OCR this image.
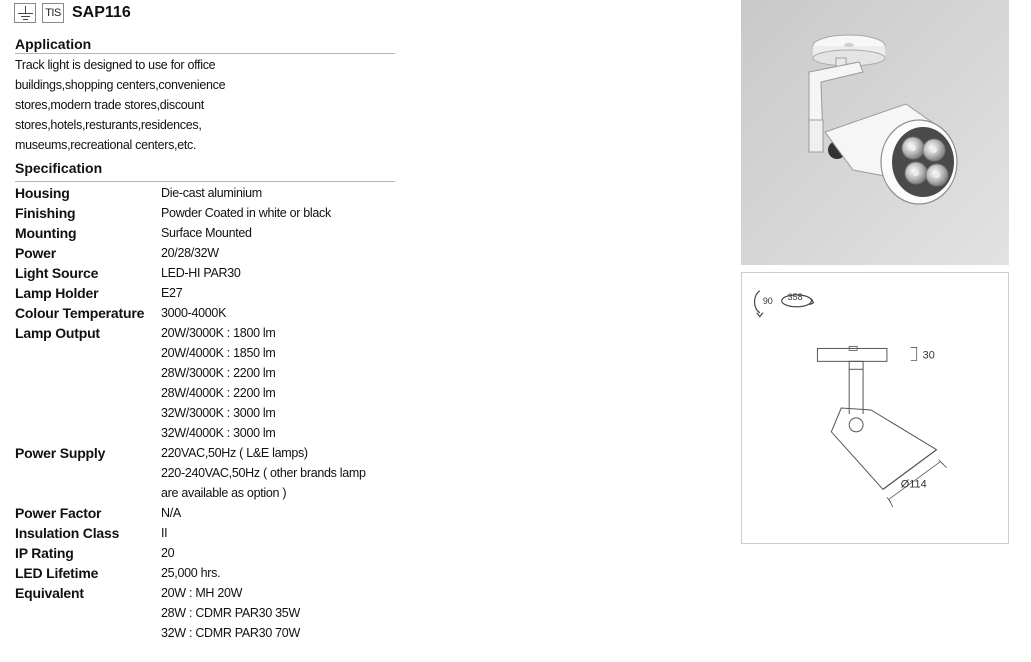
TIS SAP116
Application
Track light is designed to use for office
buildings,shopping centers,convenience
stores,modern trade stores,discount
stores,hotels,resturants,residences,
museums,recreational centers,etc.
Specification
Housing	Die-cast aluminium
Finishing	Powder Coated in white or black
Mounting	Surface Mounted
Power	20/28/32W
Light Source	LED-HI PAR30
Lamp Holder	E27
Colour Temperature	3000-4000K
Lamp Output	20W/3000K : 1800 lm
20W/4000K : 1850 lm
28W/3000K : 2200 lm
28W/4000K : 2200 lm
32W/3000K : 3000 lm
32W/4000K : 3000 lm
Power Supply	220VAC,50Hz ( L&E lamps)
220-240VAC,50Hz ( other brands lamp
are available as option )
Power Factor	N/A
Insulation Class	II
IP Rating	20
LED Lifetime	25,000 hrs.
Equivalent	20W : MH 20W
28W : CDMR PAR30 35W
32W : CDMR PAR30 70W
90 358
30
Ø114
